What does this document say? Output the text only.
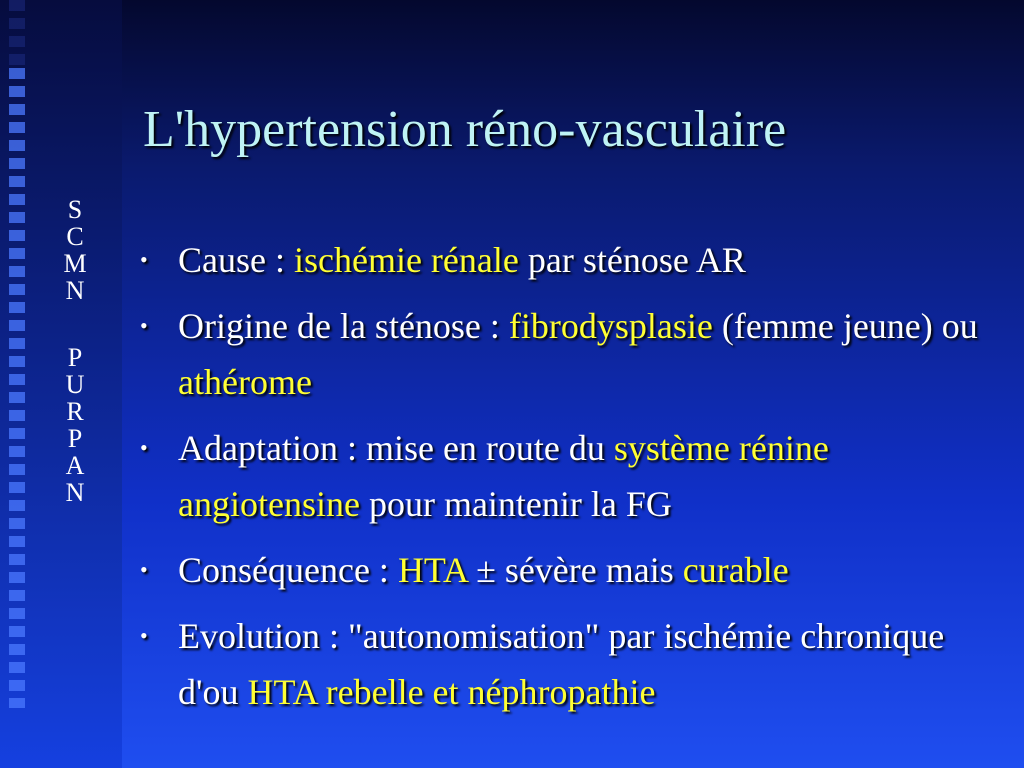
S
C
M
N
P
U
R
P
A
N
L'hypertension réno-vasculaire
• Cause : ischémie rénale par sténose AR
• Origine de la sténose : fibrodysplasie (femme jeune) ou athérome
• Adaptation : mise en route du système rénine angiotensine pour maintenir la FG
• Conséquence : HTA ± sévère mais curable
• Evolution : "autonomisation" par ischémie chronique d'ou HTA rebelle et néphropathie
